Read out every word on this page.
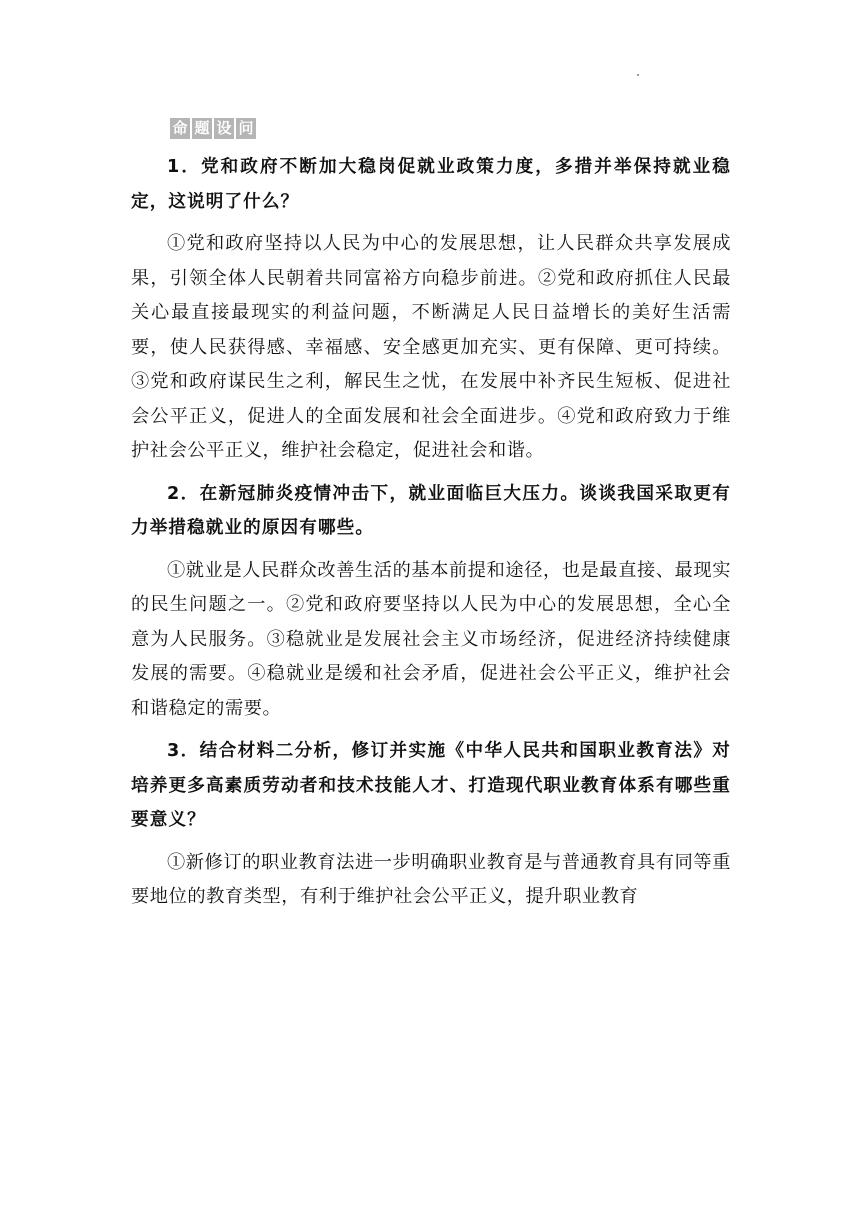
命 题 设 问

1．党和政府不断加大稳岗促就业政策力度，多措并举保持就业稳定，这说明了什么？

①党和政府坚持以人民为中心的发展思想，让人民群众共享发展成果，引领全体人民朝着共同富裕方向稳步前进。②党和政府抓住人民最关心最直接最现实的利益问题，不断满足人民日益增长的美好生活需要，使人民获得感、幸福感、安全感更加充实、更有保障、更可持续。③党和政府谋民生之利，解民生之忧，在发展中补齐民生短板、促进社会公平正义，促进人的全面发展和社会全面进步。④党和政府致力于维护社会公平正义，维护社会稳定，促进社会和谐。

2．在新冠肺炎疫情冲击下，就业面临巨大压力。谈谈我国采取更有力举措稳就业的原因有哪些。

①就业是人民群众改善生活的基本前提和途径，也是最直接、最现实的民生问题之一。②党和政府要坚持以人民为中心的发展思想，全心全意为人民服务。③稳就业是发展社会主义市场经济，促进经济持续健康发展的需要。④稳就业是缓和社会矛盾，促进社会公平正义，维护社会和谐稳定的需要。

3．结合材料二分析，修订并实施《中华人民共和国职业教育法》对培养更多高素质劳动者和技术技能人才、打造现代职业教育体系有哪些重要意义？

①新修订的职业教育法进一步明确职业教育是与普通教育具有同等重要地位的教育类型，有利于维护社会公平正义，提升职业教育
